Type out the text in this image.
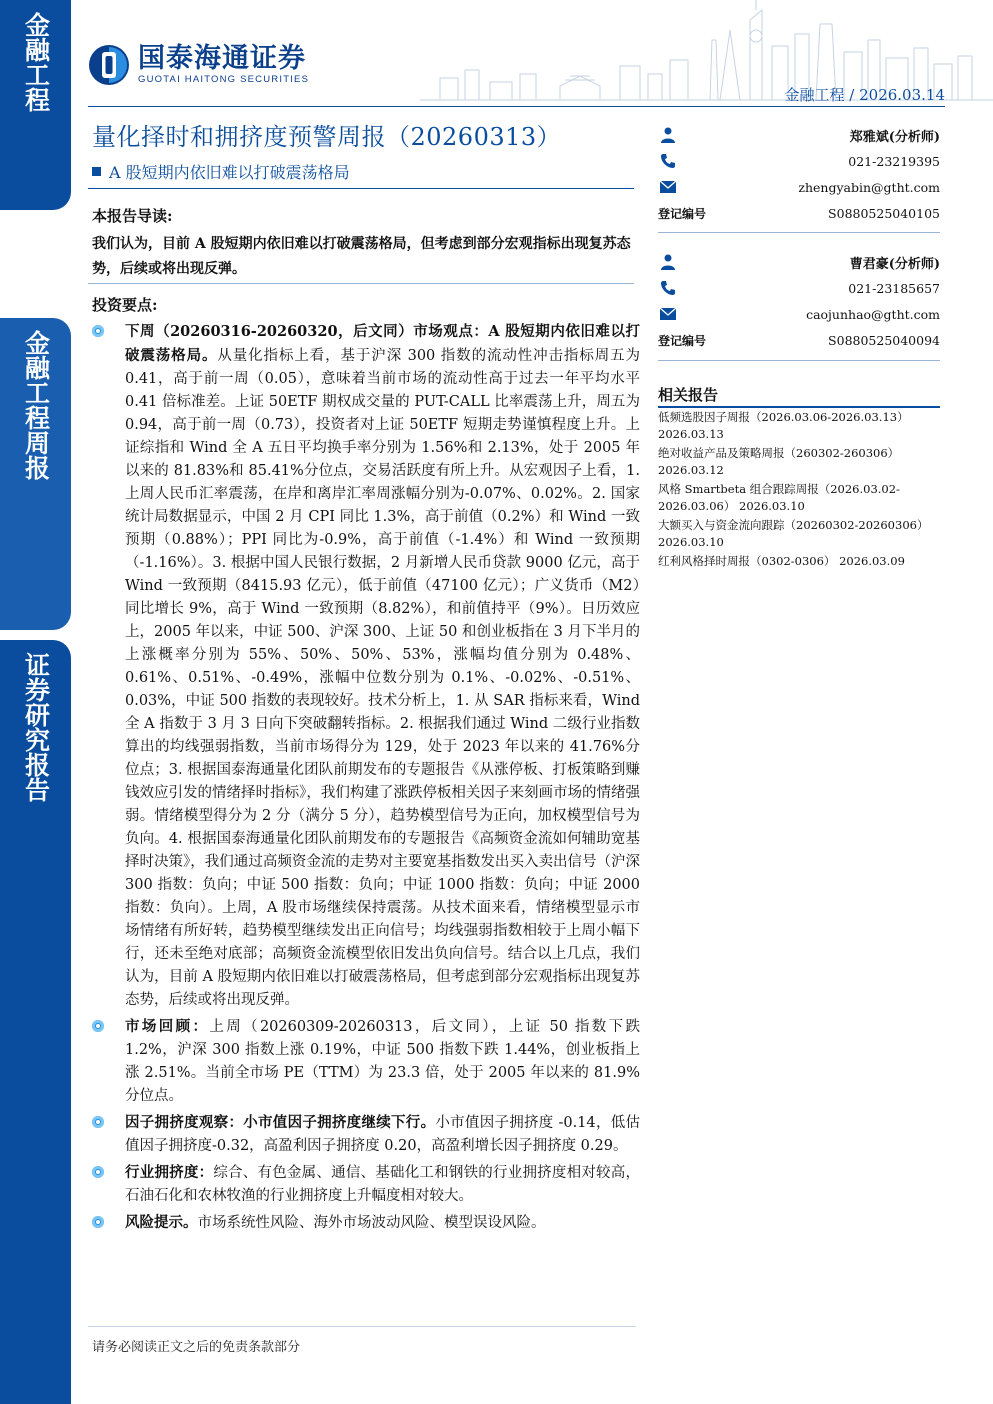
金融工程
金融工程周报
证券研究报告
国泰海通证券
GUOTAI HAITONG SECURITIES
金融工程 / 2026.03.14
量化择时和拥挤度预警周报（20260313）
A 股短期内依旧难以打破震荡格局
本报告导读:
我们认为，目前 A 股短期内依旧难以打破震荡格局，但考虑到部分宏观指标出现复苏态势，后续或将出现反弹。
投资要点:
下周（20260316-20260320，后文同）市场观点：A 股短期内依旧难以打破震荡格局。从量化指标上看，基于沪深 300 指数的流动性冲击指标周五为 0.41，高于前一周（0.05），意味着当前市场的流动性高于过去一年平均水平 0.41 倍标准差。上证 50ETF 期权成交量的 PUT-CALL 比率震荡上升，周五为 0.94，高于前一周（0.73），投资者对上证 50ETF 短期走势谨慎程度上升。上证综指和 Wind 全 A 五日平均换手率分别为 1.56%和 2.13%，处于 2005 年以来的 81.83%和 85.41%分位点，交易活跃度有所上升。从宏观因子上看，1. 上周人民币汇率震荡，在岸和离岸汇率周涨幅分别为-0.07%、0.02%。2. 国家统计局数据显示，中国 2 月 CPI 同比 1.3%，高于前值（0.2%）和 Wind 一致预期（0.88%）；PPI 同比为-0.9%，高于前值（-1.4%）和 Wind 一致预期（-1.16%）。3. 根据中国人民银行数据，2 月新增人民币贷款 9000 亿元，高于 Wind 一致预期（8415.93 亿元），低于前值（47100 亿元）；广义货币（M2）同比增长 9%，高于 Wind 一致预期（8.82%），和前值持平（9%）。日历效应上，2005 年以来，中证 500、沪深 300、上证 50 和创业板指在 3 月下半月的上涨概率分别为 55%、50%、50%、53%，涨幅均值分别为 0.48%、0.61%、0.51%、-0.49%，涨幅中位数分别为 0.1%、-0.02%、-0.51%、0.03%，中证 500 指数的表现较好。技术分析上，1. 从 SAR 指标来看，Wind 全 A 指数于 3 月 3 日向下突破翻转指标。2. 根据我们通过 Wind 二级行业指数算出的均线强弱指数，当前市场得分为 129，处于 2023 年以来的 41.76%分位点；3. 根据国泰海通量化团队前期发布的专题报告《从涨停板、打板策略到赚钱效应引发的情绪择时指标》，我们构建了涨跌停板相关因子来刻画市场的情绪强弱。情绪模型得分为 2 分（满分 5 分），趋势模型信号为正向，加权模型信号为负向。4. 根据国泰海通量化团队前期发布的专题报告《高频资金流如何辅助宽基择时决策》，我们通过高频资金流的走势对主要宽基指数发出买入卖出信号（沪深 300 指数：负向；中证 500 指数：负向；中证 1000 指数：负向；中证 2000 指数：负向）。上周，A 股市场继续保持震荡。从技术面来看，情绪模型显示市场情绪有所好转，趋势模型继续发出正向信号；均线强弱指数相较于上周小幅下行，还未至绝对底部；高频资金流模型依旧发出负向信号。结合以上几点，我们认为，目前 A 股短期内依旧难以打破震荡格局，但考虑到部分宏观指标出现复苏态势，后续或将出现反弹。
市场回顾：上周（20260309-20260313，后文同），上证 50 指数下跌 1.2%，沪深 300 指数上涨 0.19%，中证 500 指数下跌 1.44%，创业板指上涨 2.51%。当前全市场 PE（TTM）为 23.3 倍，处于 2005 年以来的 81.9%分位点。
因子拥挤度观察：小市值因子拥挤度继续下行。小市值因子拥挤度 -0.14，低估值因子拥挤度-0.32，高盈利因子拥挤度 0.20，高盈利增长因子拥挤度 0.29。
行业拥挤度：综合、有色金属、通信、基础化工和钢铁的行业拥挤度相对较高，石油石化和农林牧渔的行业拥挤度上升幅度相对较大。
风险提示。市场系统性风险、海外市场波动风险、模型误设风险。
请务必阅读正文之后的免责条款部分
郑雅斌(分析师)
021-23219395
zhengyabin@gtht.com
登记编号	S0880525040105
曹君豪(分析师)
021-23185657
caojunhao@gtht.com
登记编号	S0880525040094
相关报告
低频选股因子周报（2026.03.06-2026.03.13） 2026.03.13
绝对收益产品及策略周报（260302-260306） 2026.03.12
风格 Smartbeta 组合跟踪周报（2026.03.02-2026.03.06） 2026.03.10
大额买入与资金流向跟踪（20260302-20260306） 2026.03.10
红利风格择时周报（0302-0306） 2026.03.09
